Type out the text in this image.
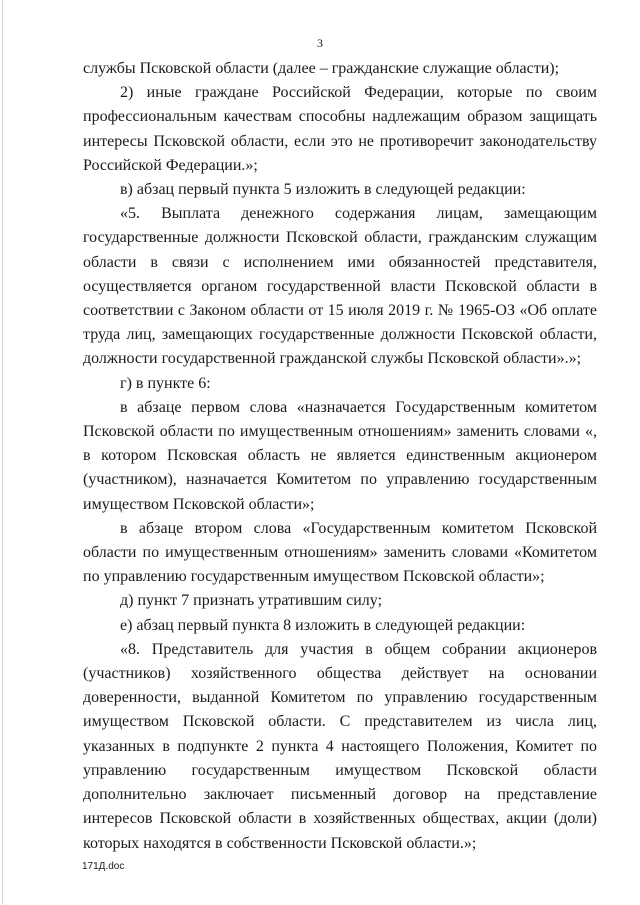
3

службы Псковской области (далее – гражданские служащие области);

2) иные граждане Российской Федерации, которые по своим профессиональным качествам способны надлежащим образом защищать интересы Псковской области, если это не противоречит законодательству Российской Федерации.»;

в) абзац первый пункта 5 изложить в следующей редакции:

«5. Выплата денежного содержания лицам, замещающим государственные должности Псковской области, гражданским служащим области в связи с исполнением ими обязанностей представителя, осуществляется органом государственной власти Псковской области в соответствии с Законом области от 15 июля 2019 г. № 1965-ОЗ «Об оплате труда лиц, замещающих государственные должности Псковской области, должности государственной гражданской службы Псковской области».»;

г) в пункте 6:

в абзаце первом слова «назначается Государственным комитетом Псковской области по имущественным отношениям» заменить словами «, в котором Псковская область не является единственным акционером (участником), назначается Комитетом по управлению государственным имуществом Псковской области»;

в абзаце втором слова «Государственным комитетом Псковской области по имущественным отношениям» заменить словами «Комитетом по управлению государственным имуществом Псковской области»;

д) пункт 7 признать утратившим силу;

е) абзац первый пункта 8 изложить в следующей редакции:

«8. Представитель для участия в общем собрании акционеров (участников) хозяйственного общества действует на основании доверенности, выданной Комитетом по управлению государственным имуществом Псковской области. С представителем из числа лиц, указанных в подпункте 2 пункта 4 настоящего Положения, Комитет по управлению государственным имуществом Псковской области дополнительно заключает письменный договор на представление интересов Псковской области в хозяйственных обществах, акции (доли) которых находятся в собственности Псковской области.»;

171Д.doc
